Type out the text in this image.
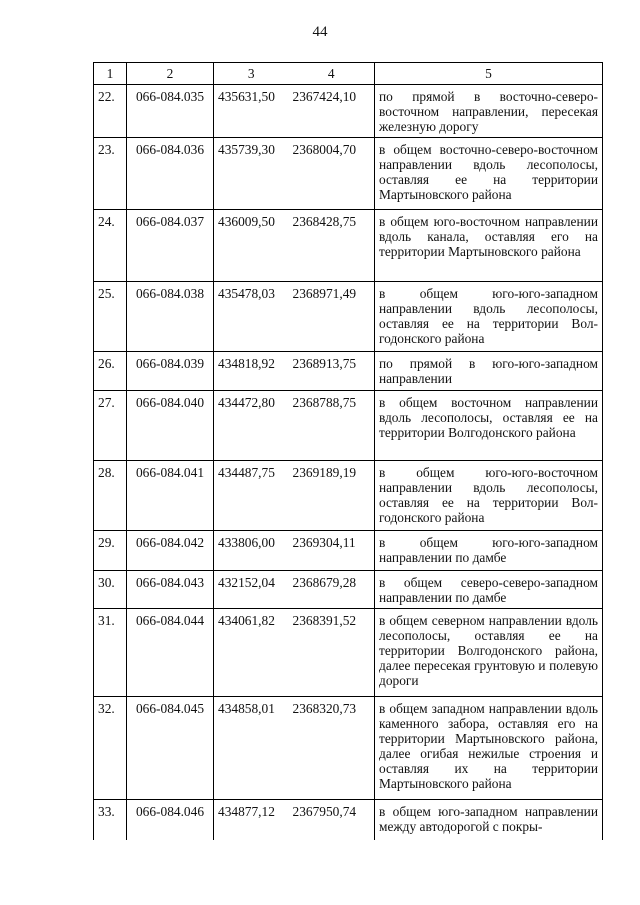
44
1	2	3	4	5
22.	066-084.035	435631,50	2367424,10	по прямой в восточно-северо-восточном направлении, пересекая железную дорогу
23.	066-084.036	435739,30	2368004,70	в общем восточно-северо-восточном направлении вдоль лесополосы, оставляя ее на территории Мартыновского района
24.	066-084.037	436009,50	2368428,75	в общем юго-восточном направлении вдоль канала, оставляя его на территории Мартыновского района
25.	066-084.038	435478,03	2368971,49	в общем юго-юго-западном направлении вдоль лесополосы, оставляя ее на территории Волгодонского района
26.	066-084.039	434818,92	2368913,75	по прямой в юго-юго-западном направлении
27.	066-084.040	434472,80	2368788,75	в общем восточном направлении вдоль лесополосы, оставляя ее на территории Волгодонского района
28.	066-084.041	434487,75	2369189,19	в общем юго-юго-восточном направлении вдоль лесополосы, оставляя ее на территории Волгодонского района
29.	066-084.042	433806,00	2369304,11	в общем юго-юго-западном направлении по дамбе
30.	066-084.043	432152,04	2368679,28	в общем северо-северо-западном направлении по дамбе
31.	066-084.044	434061,82	2368391,52	в общем северном направлении вдоль лесополосы, оставляя ее на территории Волгодонского района, далее пересекая грунтовую и полевую дороги
32.	066-084.045	434858,01	2368320,73	в общем западном направлении вдоль каменного забора, оставляя его на территории Мартыновского района, далее огибая нежилые строения и оставляя их на территории Мартыновского района
33.	066-084.046	434877,12	2367950,74	в общем юго-западном направлении между автодорогой с покры-
